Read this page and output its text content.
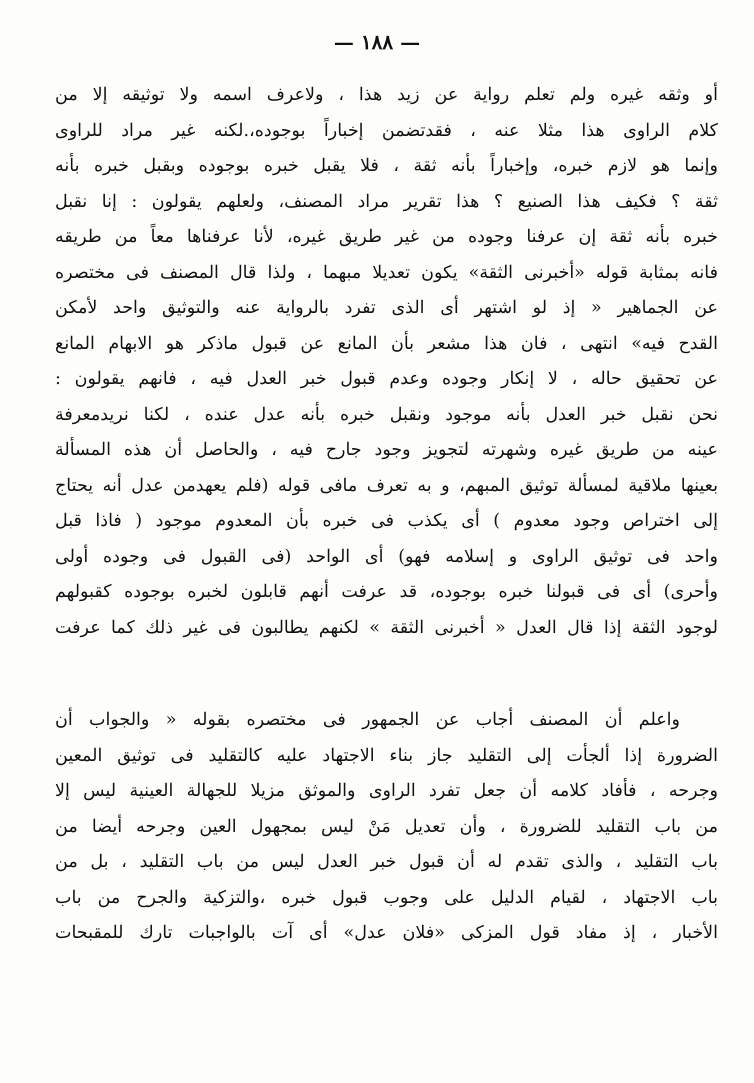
— ١٨٨ —
أو وثقه غيره ولم تعلم رواية عن زيد هذا ، ولاعرف اسمه ولا توثيقه إلا من
كلام الراوى هذا مثلا عنه ، فقدتضمن إخباراً بوجوده،.لكنه غير مراد للراوى
وإنما هو لازم خبره، وإخباراً بأنه ثقة ، فلا يقبل خبره بوجوده وبقبل خبره بأنه
ثقة ؟ فكيف هذا الصنيع ؟ هذا تقرير مراد المصنف، ولعلهم يقولون : إنا نقبل
خبره بأنه ثقة إن عرفنا وجوده من غير طريق غيره، لأنا عرفناها معاً من طريقه
فانه بمثابة قوله «أخبرنى الثقة» يكون تعديلا مبهما ، ولذا قال المصنف فى مختصره
عن الجماهير « إذ لو اشتهر أى الذى تفرد بالرواية عنه والتوثيق واحد لأمكن
القدح فيه» انتهى ، فان هذا مشعر بأن المانع عن قبول ماذكر هو الابهام المانع
عن تحقيق حاله ، لا إنكار وجوده وعدم قبول خبر العدل فيه ، فانهم يقولون :
نحن نقبل خبر العدل بأنه موجود ونقبل خبره بأنه عدل عنده ، لكنا نريدمعرفة
عينه من طريق غيره وشهرته لتجويز وجود جارح فيه ، والحاصل أن هذه المسألة
بعينها ملاقية لمسألة توثيق المبهم، و به تعرف مافى قوله (فلم يعهدمن عدل أنه يحتاج
إلى اختراص وجود معدوم ) أى يكذب فى خبره بأن المعدوم موجود ( فاذا قبل
واحد فى توثيق الراوى و إسلامه فهو) أى الواحد (فى القبول فى وجوده أولى
وأحرى) أى فى قبولنا خبره بوجوده، قد عرفت أنهم قابلون لخبره بوجوده كقبولهم
لوجود الثقة إذا قال العدل « أخبرنى الثقة » لكنهم يطالبون فى غير ذلك كما عرفت
واعلم أن المصنف أجاب عن الجمهور فى مختصره بقوله « والجواب أن
الضرورة إذا ألجأت إلى التقليد جاز بناء الاجتهاد عليه كالتقليد فى توثيق المعين
وجرحه ، فأفاد كلامه أن جعل تفرد الراوى والموثق مزيلا للجهالة العينية ليس إلا
من باب التقليد للضرورة ، وأن تعديل مَنْ ليس بمجهول العين وجرحه أيضا من
باب التقليد ، والذى تقدم له أن قبول خبر العدل ليس من باب التقليد ، بل من
باب الاجتهاد ، لقيام الدليل على وجوب قبول خبره ،والتزكية والجرح من باب
الأخبار ، إذ مفاد قول المزكى «فلان عدل» أى آت بالواجبات تارك للمقبحات
